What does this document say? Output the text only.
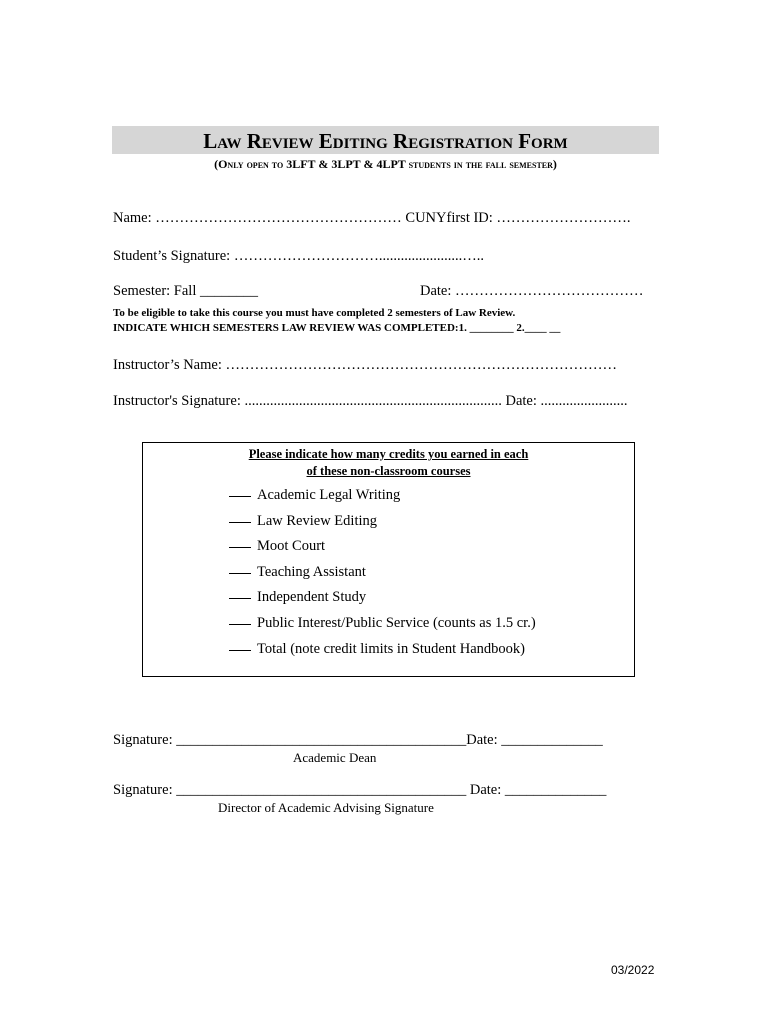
Law Review Editing Registration Form
(Only open to 3LFT & 3LPT & 4LPT students in the fall semester)
Name: …………………………………………… CUNYfirst ID: ……………………….
Student’s Signature: ………………………….......................…..
Semester: Fall ________	Date: …………………………………
To be eligible to take this course you must have completed 2 semesters of Law Review.
INDICATE WHICH SEMESTERS LAW REVIEW WAS COMPLETED:1. ________ 2.____ __
Instructor’s Name: ………………………………………………………………………
Instructor's Signature: ....................................................................... Date: ........................
Please indicate how many credits you earned in each
of these non-classroom courses
Academic Legal Writing
Law Review Editing
Moot Court
Teaching Assistant
Independent Study
Public Interest/Public Service (counts as 1.5 cr.)
Total (note credit limits in Student Handbook)
Signature: ________________________________________Date: ______________
Academic Dean
Signature: ________________________________________ Date: ______________
Director of Academic Advising Signature
03/2022
